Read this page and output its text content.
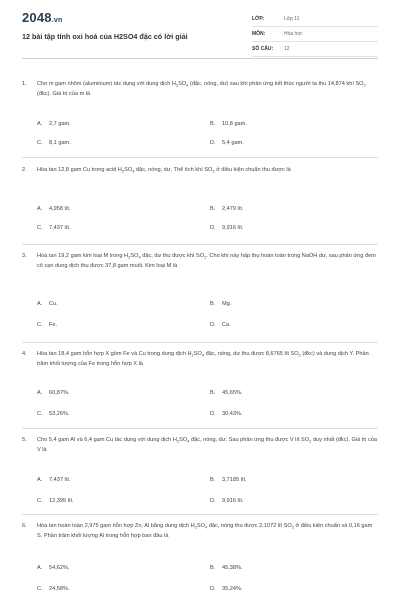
2048.vn
12 bài tập tính oxi hoá của H2SO4 đặc có lời giải
LỚP:	Lớp 11
MÔN:	Hóa học
SỐ CÂU:	12
1.	Cho m gam nhôm (aluminium) tác dụng với dung dịch $H_2SO_4$ (đặc, nóng, dư) sau khi phản ứng kết thúc người ta thu 14,874 khí $SO_2$ (đkc). Giá trị của m là
A. 2,7 gam.	B. 10,8 gam.
C. 8,1 gam.	D. 5,4 gam.
2.	Hòa tan 12,8 gam Cu trong acid $H_2SO_4$ đặc, nóng, dư. Thể tích khí $SO_2$ ở điều kiện chuẩn thu được là
A. 4,958 lít.	B. 2,479 lít.
C. 7,437 lít.	D. 9,916 lít.
3.	Hoà tan 19,2 gam kim loại M trong $H_2SO_4$ đặc, dư thu được khí $SO_2$. Cho khí này hấp thụ hoàn toàn trong NaOH dư, sau phản ứng đem cô cạn dung dịch thu được 37,8 gam muối. Kim loại M là
A. Cu.	B. Mg.
C. Fe.	D. Ca.
4.	Hòa tan 18,4 gam hỗn hợp X gồm Fe và Cu trong dung dịch $H_2SO_4$ đặc, nóng, dư thu được 8,6765 lít $SO_2$ (đkc) và dung dịch Y. Phần trăm khối lượng của Fe trong hỗn hợp X là
A. 60,87%.	B. 45,65%.
C. 53,26%.	D. 30,43%.
5.	Cho 5,4 gam Al và 6,4 gam Cu tác dụng với dung dịch $H_2SO_4$ đặc, nóng, dư. Sau phản ứng thu được V lít $SO_2$ duy nhất (đkc). Giá trị của V là
A. 7,437 lít.	B. 3,7185 lít.
C. 12,395 lít.	D. 9,916 lít.
6.	Hòa tan hoàn toàn 2,975 gam hỗn hợp Zn, Al bằng dung dịch $H_2SO_4$ đặc, nóng thu được 2,1072 lít $SO_2$ ở điều kiện chuẩn và 0,16 gam S. Phần trăm khối lượng Al trong hỗn hợp ban đầu là
A. 54,62%.	B. 45,38%.
C. 24,58%.	D. 35,24%.
